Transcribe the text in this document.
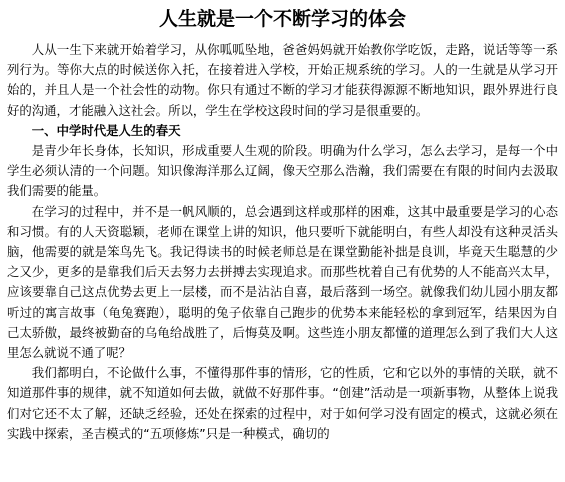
人生就是一个不断学习的体会

人从一生下来就开始着学习，从你呱呱坠地，爸爸妈妈就开始教你学吃饭，走路，说话等等一系列行为。等你大点的时候送你入托，在接着进入学校，开始正规系统的学习。人的一生就是从学习开始的，并且人是一个社会性的动物。你只有通过不断的学习才能获得源源不断地知识，跟外界进行良好的沟通，才能融入这社会。所以，学生在学校这段时间的学习是很重要的。

一、中学时代是人生的春天

是青少年长身体，长知识，形成重要人生观的阶段。明确为什么学习，怎么去学习，是每一个中学生必须认清的一个问题。知识像海洋那么辽阔，像天空那么浩瀚，我们需要在有限的时间内去汲取我们需要的能量。

在学习的过程中，并不是一帆风顺的，总会遇到这样或那样的困难，这其中最重要是学习的心态和习惯。有的人天资聪颖，老师在课堂上讲的知识，他只要听下就能明白，有些人却没有这种灵活头脑，他需要的就是笨鸟先飞。我记得读书的时候老师总是在课堂勤能补拙是良训，毕竟天生聪慧的少之又少，更多的是靠我们后天去努力去拼搏去实现追求。而那些枕着自己有优势的人不能高兴太早，应该要靠自己这点优势去更上一层楼，而不是沾沾自喜，最后落到一场空。就像我们幼儿园小朋友都听过的寓言故事（龟兔赛跑），聪明的兔子依靠自己跑步的优势本来能轻松的拿到冠军，结果因为自己太骄傲，最终被勤奋的乌龟给战胜了，后悔莫及啊。这些连小朋友都懂的道理怎么到了我们大人这里怎么就说不通了呢？

我们都明白，不论做什么事，不懂得那件事的情形，它的性质，它和它以外的事情的关联，就不知道那件事的规律，就不知道如何去做，就做不好那件事。“创建”活动是一项新事物，从整体上说我们对它还不太了解，还缺乏经验，还处在探索的过程中，对于如何学习没有固定的模式，这就必须在实践中探索，圣吉模式的“五项修炼”只是一种模式，确切的
